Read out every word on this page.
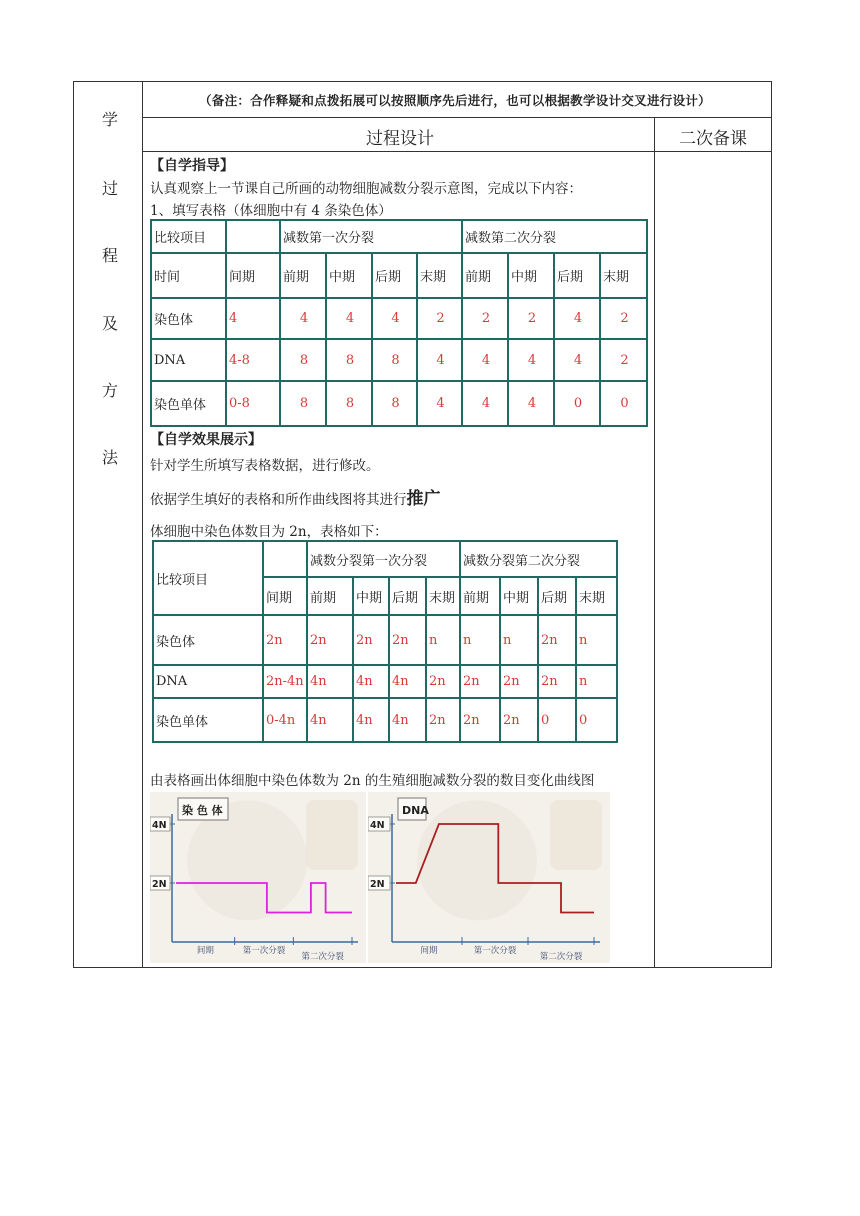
学
过
程
及
方
法
（备注：合作释疑和点拨拓展可以按照顺序先后进行，也可以根据教学设计交叉进行设计）
过程设计	二次备课
【自学指导】
认真观察上一节课自己所画的动物细胞减数分裂示意图，完成以下内容：
1、填写表格（体细胞中有 4 条染色体）
比较项目		减数第一次分裂				减数第二次分裂			
时间	间期	前期	中期	后期	末期	前期	中期	后期	末期
染色体	4	4	4	4	2	2	2	4	2
DNA	4-8	8	8	8	4	4	4	4	2
染色单体	0-8	8	8	8	4	4	4	0	0
【自学效果展示】
针对学生所填写表格数据，进行修改。
依据学生填好的表格和所作曲线图将其进行推广
体细胞中染色体数目为 2n，表格如下：
比较项目		减数分裂第一次分裂				减数分裂第二次分裂			
	间期	前期	中期	后期	末期	前期	中期	后期	末期
染色体	2n	2n	2n	2n	n	n	n	2n	n
DNA	2n-4n	4n	4n	4n	2n	2n	2n	2n	n
染色单体	0-4n	4n	4n	4n	2n	2n	2n	0	0
由表格画出体细胞中染色体数为 2n 的生殖细胞减数分裂的数目变化曲线图
染 色 体
4N
2N
间期	第一次分裂
第二次分裂
DNA
4N
2N
间期	第一次分裂
第二次分裂
